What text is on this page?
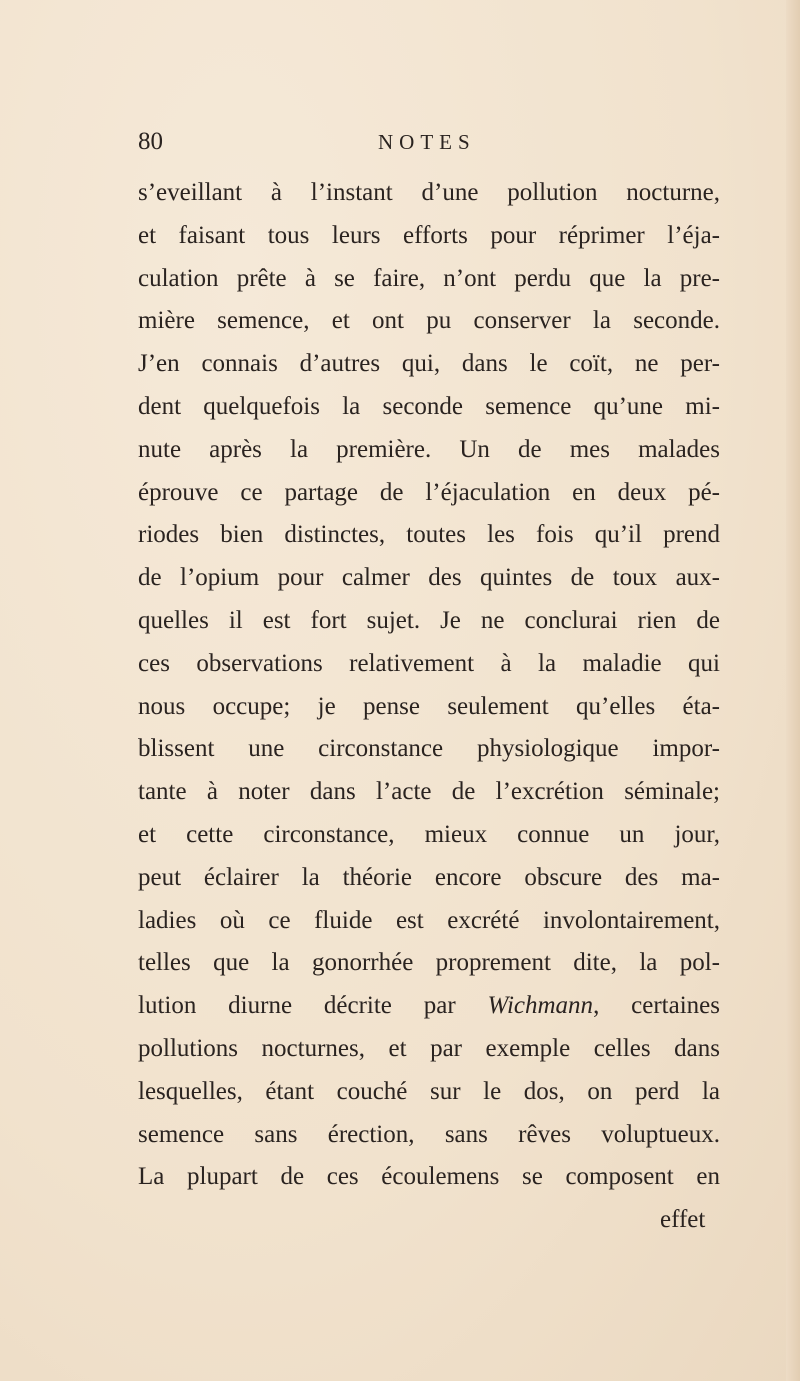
80	NOTES
s’eveillant à l’instant d’une pollution nocturne,
et faisant tous leurs efforts pour réprimer l’éja-
culation prête à se faire, n’ont perdu que la pre-
mière semence, et ont pu conserver la seconde.
J’en connais d’autres qui, dans le coït, ne per-
dent quelquefois la seconde semence qu’une mi-
nute après la première. Un de mes malades
éprouve ce partage de l’éjaculation en deux pé-
riodes bien distinctes, toutes les fois qu’il prend
de l’opium pour calmer des quintes de toux aux-
quelles il est fort sujet. Je ne conclurai rien de
ces observations relativement à la maladie qui
nous occupe; je pense seulement qu’elles éta-
blissent une circonstance physiologique impor-
tante à noter dans l’acte de l’excrétion séminale;
et cette circonstance, mieux connue un jour,
peut éclairer la théorie encore obscure des ma-
ladies où ce fluide est excrété involontairement,
telles que la gonorrhée proprement dite, la pol-
lution diurne décrite par Wichmann, certaines
pollutions nocturnes, et par exemple celles dans
lesquelles, étant couché sur le dos, on perd la
semence sans érection, sans rêves voluptueux.
La plupart de ces écoulemens se composent en
effet
